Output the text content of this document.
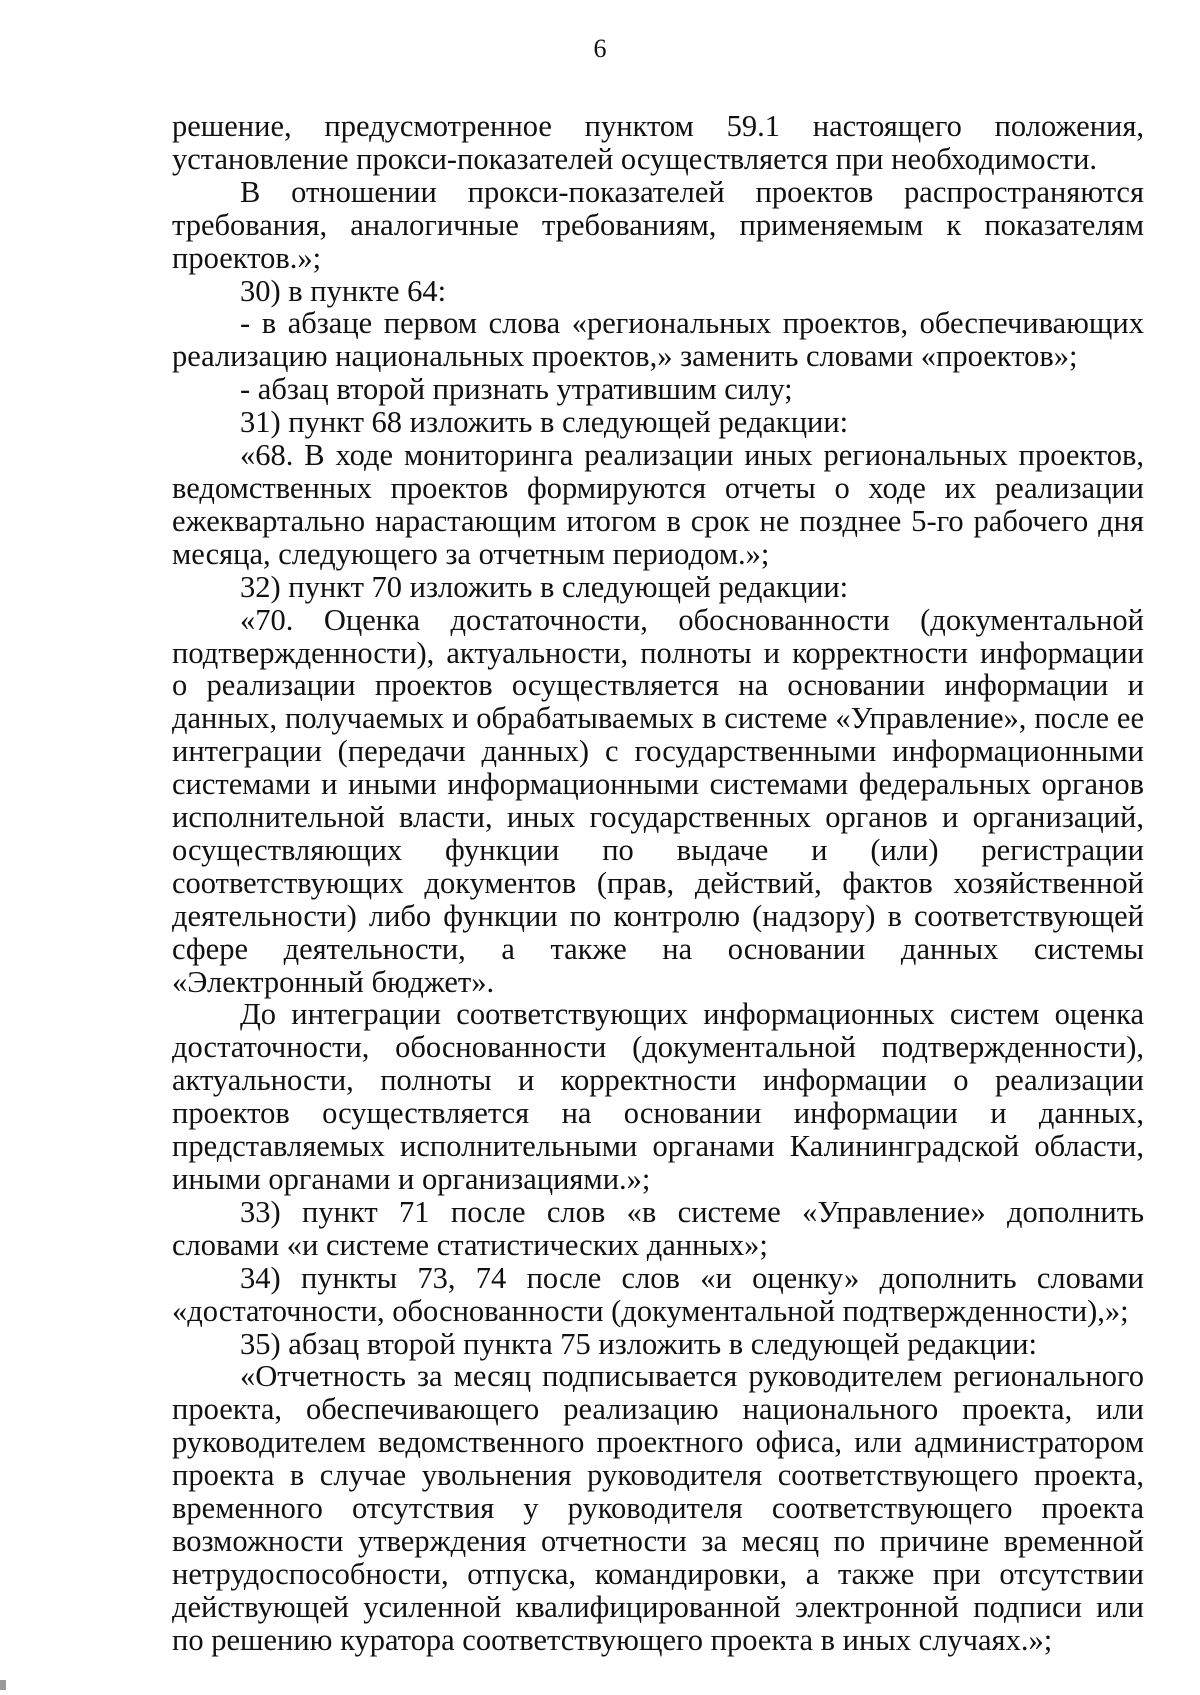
6

решение, предусмотренное пунктом 59.1 настоящего положения, установление прокси-показателей осуществляется при необходимости.

В отношении прокси-показателей проектов распространяются требования, аналогичные требованиям, применяемым к показателям проектов.»;

30) в пункте 64:

- в абзаце первом слова «региональных проектов, обеспечивающих реализацию национальных проектов,» заменить словами «проектов»;

- абзац второй признать утратившим силу;

31) пункт 68 изложить в следующей редакции:

«68. В ходе мониторинга реализации иных региональных проектов, ведомственных проектов формируются отчеты о ходе их реализации ежеквартально нарастающим итогом в срок не позднее 5-го рабочего дня месяца, следующего за отчетным периодом.»;

32) пункт 70 изложить в следующей редакции:

«70. Оценка достаточности, обоснованности (документальной подтвержденности), актуальности, полноты и корректности информации о реализации проектов осуществляется на основании информации и данных, получаемых и обрабатываемых в системе «Управление», после ее интеграции (передачи данных) с государственными информационными системами и иными информационными системами федеральных органов исполнительной власти, иных государственных органов и организаций, осуществляющих функции по выдаче и (или) регистрации соответствующих документов (прав, действий, фактов хозяйственной деятельности) либо функции по контролю (надзору) в соответствующей сфере деятельности, а также на основании данных системы «Электронный бюджет».

До интеграции соответствующих информационных систем оценка достаточности, обоснованности (документальной подтвержденности), актуальности, полноты и корректности информации о реализации проектов осуществляется на основании информации и данных, представляемых исполнительными органами Калининградской области, иными органами и организациями.»;

33) пункт 71 после слов «в системе «Управление» дополнить словами «и системе статистических данных»;

34) пункты 73, 74 после слов «и оценку» дополнить словами «достаточности, обоснованности (документальной подтвержденности),»;

35) абзац второй пункта 75 изложить в следующей редакции:

«Отчетность за месяц подписывается руководителем регионального проекта, обеспечивающего реализацию национального проекта, или руководителем ведомственного проектного офиса, или администратором проекта в случае увольнения руководителя соответствующего проекта, временного отсутствия у руководителя соответствующего проекта возможности утверждения отчетности за месяц по причине временной нетрудоспособности, отпуска, командировки, а также при отсутствии действующей усиленной квалифицированной электронной подписи или по решению куратора соответствующего проекта в иных случаях.»;
